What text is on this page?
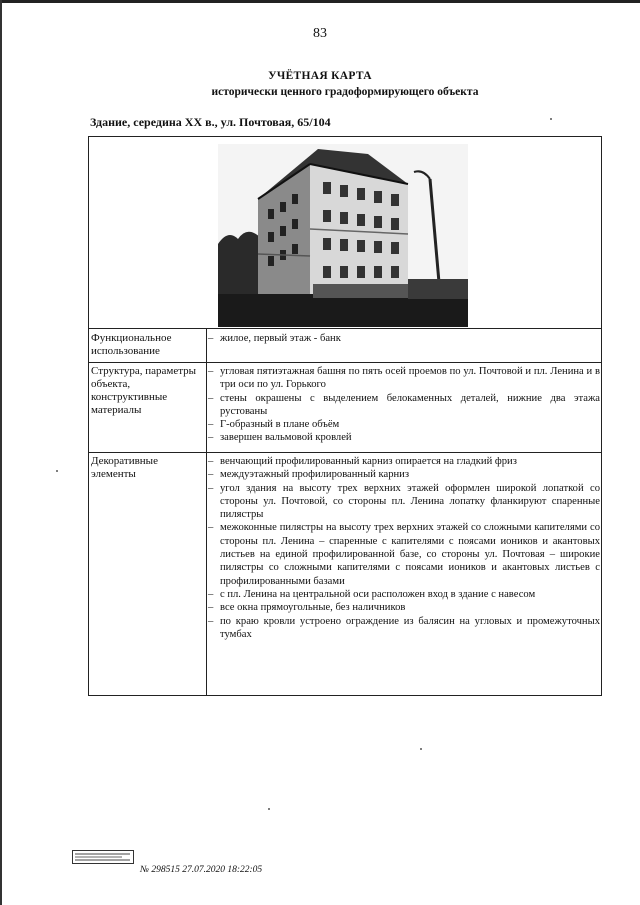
83
УЧЁТНАЯ КАРТА
исторически ценного градоформирующего объекта
Здание, середина XX в., ул. Почтовая, 65/104
Функциональное использование
– жилое, первый этаж - банк
Структура, параметры объекта, конструктивные материалы
– угловая пятиэтажная башня по пять осей проемов по ул. Почтовой и пл. Ленина и в три оси по ул. Горького
– стены окрашены с выделением белокаменных деталей, нижние два этажа рустованы
– Г-образный в плане объём
– завершен вальмовой кровлей
Декоративные элементы
– венчающий профилированный карниз опирается на гладкий фриз
– междуэтажный профилированный карниз
– угол здания на высоту трех верхних этажей оформлен широкой лопаткой со стороны ул. Почтовой, со стороны пл. Ленина лопатку фланкируют спаренные пилястры
– межоконные пилястры на высоту трех верхних этажей со сложными капителями со стороны пл. Ленина – спаренные с капителями с поясами иоников и акантовых листьев на единой профилированной базе, со стороны ул. Почтовая – широкие пилястры со сложными капителями с поясами иоников и акантовых листьев с профилированными базами
– с пл. Ленина на центральной оси расположен вход в здание с навесом
– все окна прямоугольные, без наличников
– по краю кровли устроено ограждение из балясин на угловых и промежуточных тумбах
№ 298515 27.07.2020 18:22:05
